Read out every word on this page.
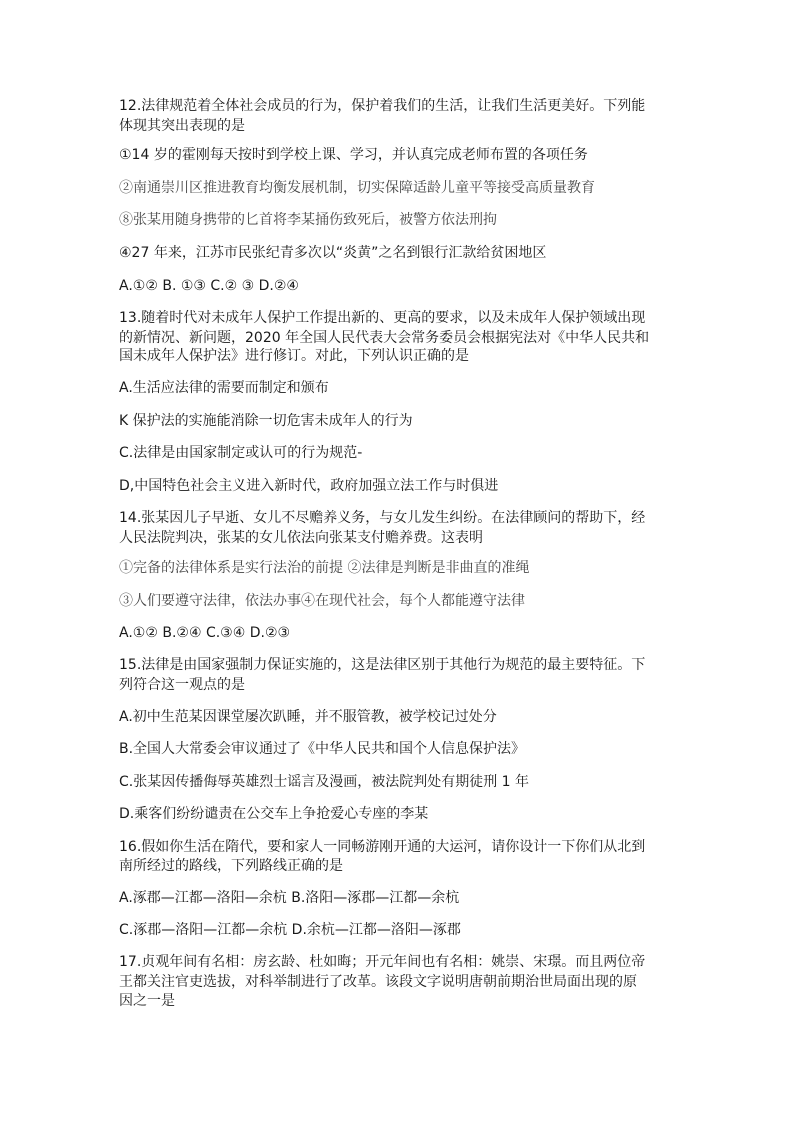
12.法律规范着全体社会成员的行为，保护着我们的生活，让我们生活更美好。下列能
体现其突出表现的是
①14 岁的霍刚每天按时到学校上课、学习，并认真完成老师布置的各项任务
②南通崇川区推进教育均衡发展机制，切实保障适龄儿童平等接受高质量教育
⑧张某用随身携带的匕首将李某捅伤致死后，被警方依法刑拘
④27 年来，江苏市民张纪青多次以“炎黄”之名到银行汇款给贫困地区
A.①② B. ①③ C.② ③ D.②④
13.随着时代对未成年人保护工作提出新的、更高的要求，以及未成年人保护领域出现
的新情况、新问题，2020 年全国人民代表大会常务委员会根据宪法对《中华人民共和
国未成年人保护法》进行修订。对此，下列认识正确的是
A.生活应法律的需要而制定和颁布
K 保护法的实施能消除一切危害未成年人的行为
C.法律是由国家制定或认可的行为规范-
D,中国特色社会主义进入新时代，政府加强立法工作与时俱进
14.张某因儿子早逝、女儿不尽赡养义务，与女儿发生纠纷。在法律顾问的帮助下，经
人民法院判决，张某的女儿依法向张某支付赡养费。这表明
①完备的法律体系是实行法治的前提 ②法律是判断是非曲直的准绳
③人们要遵守法律，依法办事④在现代社会，每个人都能遵守法律
A.①② B.②④ C.③④ D.②③
15.法律是由国家强制力保证实施的，这是法律区别于其他行为规范的最主要特征。下
列符合这一观点的是
A.初中生范某因课堂屡次趴睡，并不服管教，被学校记过处分
B.全国人大常委会审议通过了《中华人民共和国个人信息保护法》
C.张某因传播侮辱英雄烈士谣言及漫画，被法院判处有期徒刑 1 年
D.乘客们纷纷谴责在公交车上争抢爱心专座的李某
16.假如你生活在隋代，要和家人一同畅游刚开通的大运河，请你设计一下你们从北到
南所经过的路线，下列路线正确的是
A.涿郡—江都—洛阳—余杭 B.洛阳—涿郡—江都—余杭
C.涿郡—洛阳—江都—余杭 D.余杭—江都—洛阳—涿郡
17.贞观年间有名相：房玄龄、杜如晦；开元年间也有名相：姚崇、宋璟。而且两位帝
王都关注官吏选拔，对科举制进行了改革。该段文字说明唐朝前期治世局面出现的原
因之一是
